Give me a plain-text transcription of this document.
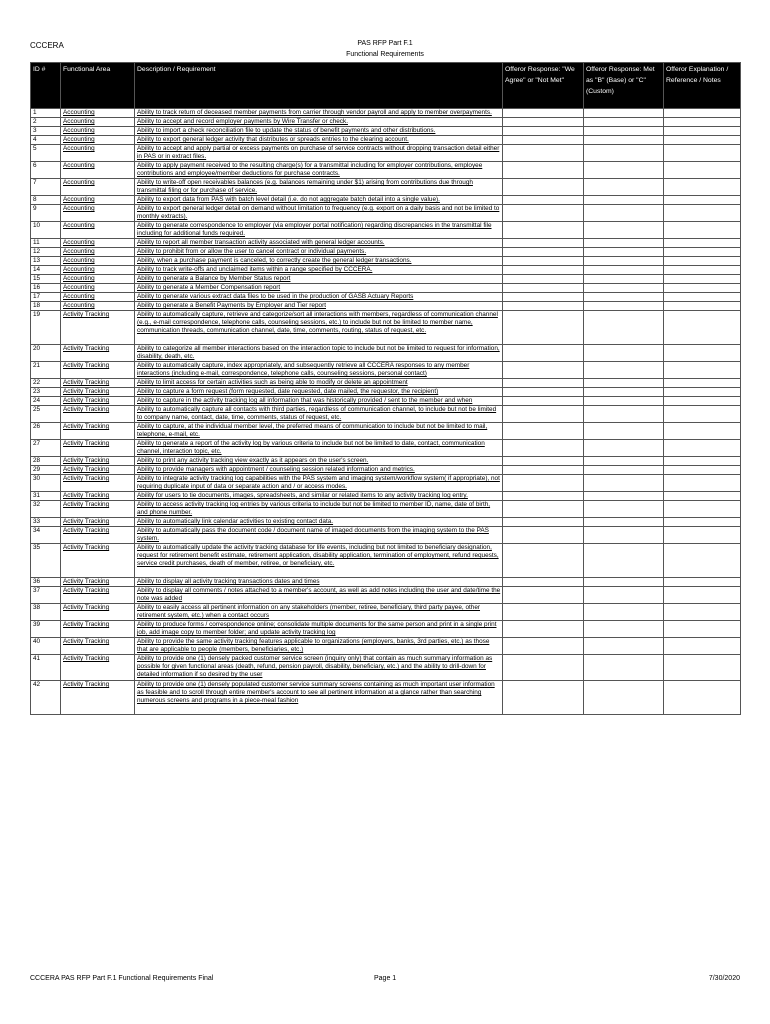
CCCERA	PAS RFP Part F.1
Functional Requirements
ID #	Functional Area	Description / Requirement	Offeror Response: "We Agree" or "Not Met"	Offeror Response: Met as "B" (Base) or "C" (Custom)	Offeror Explanation / Reference / Notes
1	Accounting	Ability to track return of deceased member payments from carrier through vendor payroll and apply to member overpayments.			
2	Accounting	Ability to accept and record employer payments by Wire Transfer or check.			
3	Accounting	Ability to import a check reconciliation file to update the status of benefit payments and other distributions.			
4	Accounting	Ability to export general ledger activity that distributes or spreads entries to the clearing account.			
5	Accounting	Ability to accept and apply partial or excess payments on purchase of service contracts without dropping transaction detail either in PAS or in extract files.			
6	Accounting	Ability to apply payment received to the resulting charge(s) for a transmittal including for employer contributions, employee contributions and employee/member deductions for purchase contracts.			
7	Accounting	Ability to write-off open receivables balances (e.g. balances remaining under $1) arising from contributions due through transmittal filing or for purchase of service.			
8	Accounting	Ability to export data from PAS with batch level detail (i.e. do not aggregate batch detail into a single value).			
9	Accounting	Ability to export general ledger detail on demand without limitation to frequency (e.g. export on a daily basis and not be limited to monthly extracts).			
10	Accounting	Ability to generate correspondence to employer (via employer portal notification) regarding discrepancies in the transmittal file including for additional funds required.			
11	Accounting	Ability to report all member transaction activity associated with general ledger accounts.			
12	Accounting	Ability to prohibit from or allow the user to cancel contract or individual payments.			
13	Accounting	Ability, when a purchase payment is canceled, to correctly create the general ledger transactions.			
14	Accounting	Ability to track write-offs and unclaimed items within a range specified by CCCERA.			
15	Accounting	Ability to generate a Balance by Member Status report			
16	Accounting	Ability to generate a Member Compensation report			
17	Accounting	Ability to generate various extract data files to be used in the production of GASB Actuary Reports			
18	Accounting	Ability to generate a Benefit Payments by Employer and Tier report			
19	Activity Tracking	Ability to automatically capture, retrieve and categorize/sort all interactions with members, regardless of communication channel (e.g., e-mail correspondence, telephone calls, counseling sessions, etc.) to include but not be limited to member name, communication threads, communication channel, date, time, comments, routing, status of request, etc.			
20	Activity Tracking	Ability to categorize all member interactions based on the interaction topic to include but not be limited to request for information, disability, death, etc.			
21	Activity Tracking	Ability to automatically capture, index appropriately, and subsequently retrieve all CCCERA responses to any member interactions (including e-mail, correspondence, telephone calls, counseling sessions, personal contact)			
22	Activity Tracking	Ability to limit access for certain activities such as being able to modify or delete an appointment			
23	Activity Tracking	Ability to capture a form request (form requested, date requested, date mailed, the requestor, the recipient)			
24	Activity Tracking	Ability to capture in the activity tracking log all information that was historically provided / sent to the member and when			
25	Activity Tracking	Ability to automatically capture all contacts with third parties, regardless of communication channel, to include but not be limited to company name, contact, date, time, comments, status of request, etc.			
26	Activity Tracking	Ability to capture, at the individual member level, the preferred means of communication to include but not be limited to mail, telephone, e-mail, etc.			
27	Activity Tracking	Ability to generate a report of the activity log by various criteria to include but not be limited to date, contact, communication channel, interaction topic, etc.			
28	Activity Tracking	Ability to print any activity tracking view exactly as it appears on the user's screen.			
29	Activity Tracking	Ability to provide managers with appointment / counseling session related information and metrics.			
30	Activity Tracking	Ability to integrate activity tracking log capabilities with the PAS system and imaging system/workflow system( if appropriate), not requiring duplicate input of data or separate action and / or access modes.			
31	Activity Tracking	Ability for users to tie documents, images, spreadsheets, and similar or related items to any activity tracking log entry.			
32	Activity Tracking	Ability to access activity tracking log entries by various criteria to include but not be limited to member ID, name, date of birth, and phone number.			
33	Activity Tracking	Ability to automatically link calendar activities to existing contact data.			
34	Activity Tracking	Ability to automatically pass the document code / document name of imaged documents from the imaging system to the PAS system.			
35	Activity Tracking	Ability to automatically update the activity tracking database for life events, including but not limited to beneficiary designation, request for retirement benefit estimate, retirement application, disability application, termination of employment, refund requests, service credit purchases, death of member, retiree, or beneficiary, etc.			
36	Activity Tracking	Ability to display all activity tracking transactions dates and times			
37	Activity Tracking	Ability to display all comments / notes attached to a member's account, as well as add notes including the user and date/time the note was added			
38	Activity Tracking	Ability to easily access all pertinent information on any stakeholders (member, retiree, beneficiary, third party payee, other retirement system, etc.) when a contact occurs			
39	Activity Tracking	Ability to produce forms / correspondence online; consolidate multiple documents for the same person and print in a single print job, add image copy to member folder; and update activity tracking log			
40	Activity Tracking	Ability to provide the same activity tracking features applicable to organizations (employers, banks, 3rd parties, etc.) as those that are applicable to people (members, beneficiaries, etc.)			
41	Activity Tracking	Ability to provide one (1) densely packed customer service screen (inquiry only) that contain as much summary information as possible for given functional areas (death, refund, pension payroll, disability, beneficiary, etc.) and the ability to drill-down for detailed information if so desired by the user			
42	Activity Tracking	Ability to provide one (1) densely populated customer service summary screens containing as much important user information as feasible and to scroll through entire member's account to see all pertinent information at a glance rather than searching numerous screens and programs in a piece-meal fashion			
CCCERA PAS RFP Part F.1 Functional Requirements Final	Page 1	7/30/2020
